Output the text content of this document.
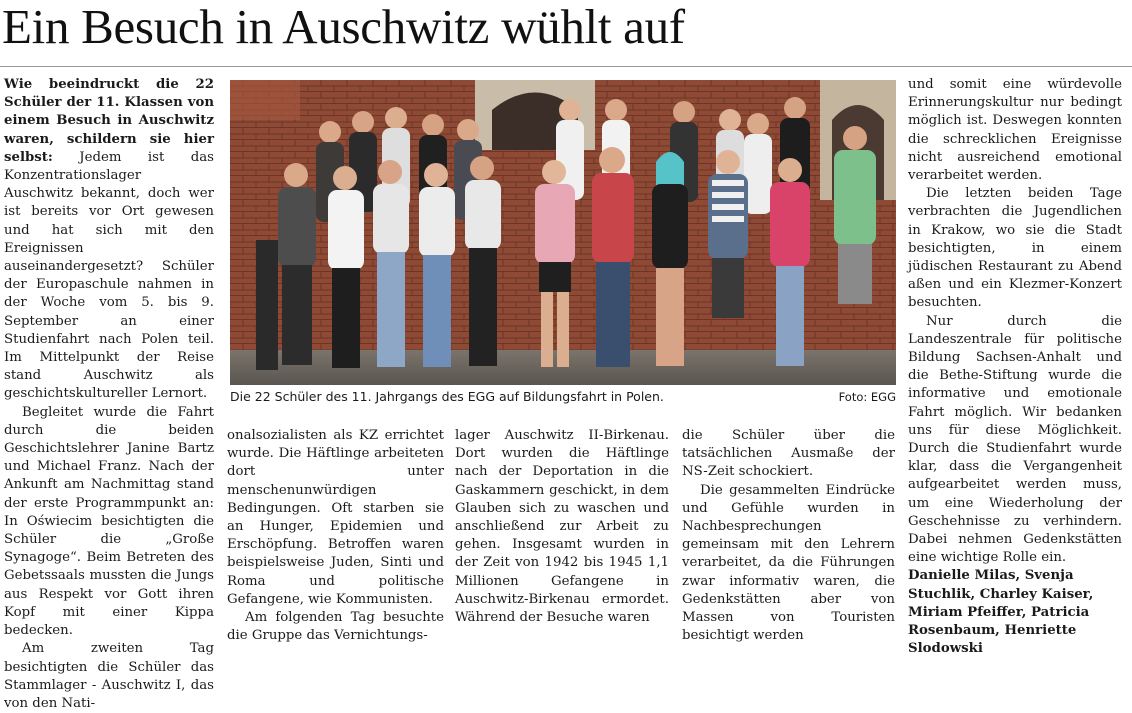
Ein Besuch in Auschwitz wühlt auf

Wie beeindruckt die 22 Schüler der 11. Klassen von einem Besuch in Auschwitz waren, schildern sie hier selbst: Jedem ist das Konzentrationslager Auschwitz bekannt, doch wer ist bereits vor Ort gewesen und hat sich mit den Ereignissen auseinandergesetzt? Schüler der Europaschule nahmen in der Woche vom 5. bis 9. September an einer Studienfahrt nach Polen teil. Im Mittelpunkt der Reise stand Auschwitz als geschichtskultureller Lernort.

Begleitet wurde die Fahrt durch die beiden Geschichtslehrer Janine Bartz und Michael Franz. Nach der Ankunft am Nachmittag stand der erste Programmpunkt an: In Oświecim besichtigten die Schüler die „Große Synagoge“. Beim Betreten des Gebetssaals mussten die Jungs aus Respekt vor Gott ihren Kopf mit einer Kippa bedecken.

Am zweiten Tag besichtigten die Schüler das Stammlager - Auschwitz I, das von den Nati-

Die 22 Schüler des 11. Jahrgangs des EGG auf Bildungsfahrt in Polen.	Foto: EGG

onalsozialisten als KZ errichtet wurde. Die Häftlinge arbeiteten dort unter menschenunwürdigen Bedingungen. Oft starben sie an Hunger, Epidemien und Erschöpfung. Betroffen waren beispielsweise Juden, Sinti und Roma und politische Gefangene, wie Kommunisten.

Am folgenden Tag besuchte die Gruppe das Vernichtungs-

lager Auschwitz II-Birkenau. Dort wurden die Häftlinge nach der Deportation in die Gaskammern geschickt, in dem Glauben sich zu waschen und anschließend zur Arbeit zu gehen. Insgesamt wurden in der Zeit von 1942 bis 1945 1,1 Millionen Gefangene in Auschwitz-Birkenau ermordet. Während der Besuche waren

die Schüler über die tatsächlichen Ausmaße der NS-Zeit schockiert.

Die gesammelten Eindrücke und Gefühle wurden in Nachbesprechungen gemeinsam mit den Lehrern verarbeitet, da die Führungen zwar informativ waren, die Gedenkstätten aber von Massen von Touristen besichtigt werden

und somit eine würdevolle Erinnerungskultur nur bedingt möglich ist. Deswegen konnten die schrecklichen Ereignisse nicht ausreichend emotional verarbeitet werden.

Die letzten beiden Tage verbrachten die Jugendlichen in Krakow, wo sie die Stadt besichtigten, in einem jüdischen Restaurant zu Abend aßen und ein Klezmer-Konzert besuchten.

Nur durch die Landeszentrale für politische Bildung Sachsen-Anhalt und die Bethe-Stiftung wurde die informative und emotionale Fahrt möglich. Wir bedanken uns für diese Möglichkeit. Durch die Studienfahrt wurde klar, dass die Vergangenheit aufgearbeitet werden muss, um eine Wiederholung der Geschehnisse zu verhindern. Dabei nehmen Gedenkstätten eine wichtige Rolle ein.

Danielle Milas, Svenja Stuchlik, Charley Kaiser, Miriam Pfeiffer, Patricia Rosenbaum, Henriette Slodowski
